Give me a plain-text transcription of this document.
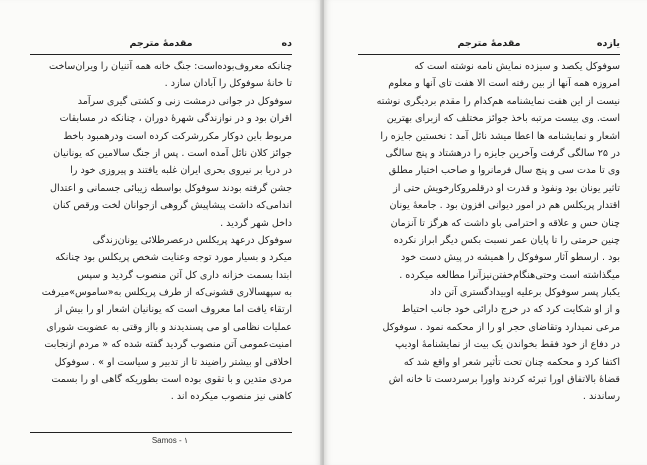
مقدمهٔ مترجم	ده
چنانکه معروف‌بوده‌است: جنگ خانه همه آتنیان را ویران‌ساخت
تا خانهٔ سوفوکل را آبادان سازد .
سوفوکل در جوانی درمشت زنی و کشتی گیری سرآمد
اقران بود و در نوازندگی شهرهٔ دوران ، چنانکه در مسابقات
مربوط باین دوکار مکررشرکت کرده است ودرهمبود باخط
جوائز کلان نائل آمده است . پس از جنگ سالامین که یونانیان
در دریا بر نیروی بحری ایران غلبه یافتند و پیروزی خود را
جشن گرفته بودند سوفوکل بواسطه زیبائی جسمانی و اعتدال
اندامی‌که داشت پیشاپیش گروهی ازجوانان لخت ورقص کنان
داخل شهر گردید .
سوفوکل درعهد پریکلس در‌عصرطلائی یونان‌زندگی
میکرد و بسیار مورد توجه وعنایت شخص پریکلس بود چنانکه
ابتدا بسمت خزانه داری کل آتن منصوب گردید و سپس
به سپهسالاری قشونی‌که از طرف پریکلس به«ساموس»میرفت
ارتقاء یافت اما معروف است که یونانیان اشعار او را بیش از
عملیات نظامی او می پسندیدند و بااز وقتی به عضویت شورای
امنیت‌عمومی آتن منصوب گردید گفته شده که « مردم ازنجابت
اخلاقی او بیشتر راضیند تا از تدبیر و سیاست او » . سوفوکل
مردی متدین و با تقوی بوده است بطوریکه گاهی او را بسمت
کاهنی نیز منصوب میکرده اند .
Samos - ۱
مقدمهٔ مترجم	یازده
سوفوکل یکصد و سیزده نمایش نامه نوشته است که
امروزه همه آنها از بین رفته است الا هفت تای آنها و معلوم
نیست از این هفت نمایشنامه هم‌کدام را مقدم بردیگری نوشته
است. وی بیست مرتبه باخذ جوائز مختلف که ازبرای بهترین
اشعار و نمایشنامه ها اعطا میشد نائل آمد : نخستین جایزه را
در ۲۵ سالگی گرفت وآخرین جایزه را درهشتاد و پنج سالگی
وی تا مدت سی و پنج سال فرمانروا و صاحب اختیار مطلق
تاثیر یونان بود ونفوذ و قدرت او درقلمروکارخویش حتی از
اقتدار پریکلس هم در امور دیوانی افزون بود . جامعهٔ یونان
چنان حس و علاقه و احترامی باو داشت که هرگز تا آنزمان
چنین حرمتی را تا پایان عمر نسبت بکس دیگر ابراز نکرده
بود . ارسطو آثار سوفوکل را همیشه در پیش دست خود
میگذاشته است وحتی‌هنگام‌خفتن‌نیز‌آنرا مطالعه میکرده .
یکبار پسر سوفوکل برعلیه او‌بیداد‌گستری آتن داد
و از او شکایت کرد که در خرج دارائی خود جانب احتیاط
مرعی نمیدارد وتقاضای حجر او را از محکمه نمود . سوفوکل
در دفاع از خود فقط بخواندن یک بیت از نمایشنامهٔ اودیپ
اکتفا کرد و محکمه چنان تحت تأثیر شعر او واقع شد که
قضاهٔ بالاتفاق اورا تبرئه کردند واورا برسر‌دست تا خانه اش
رساندند .
